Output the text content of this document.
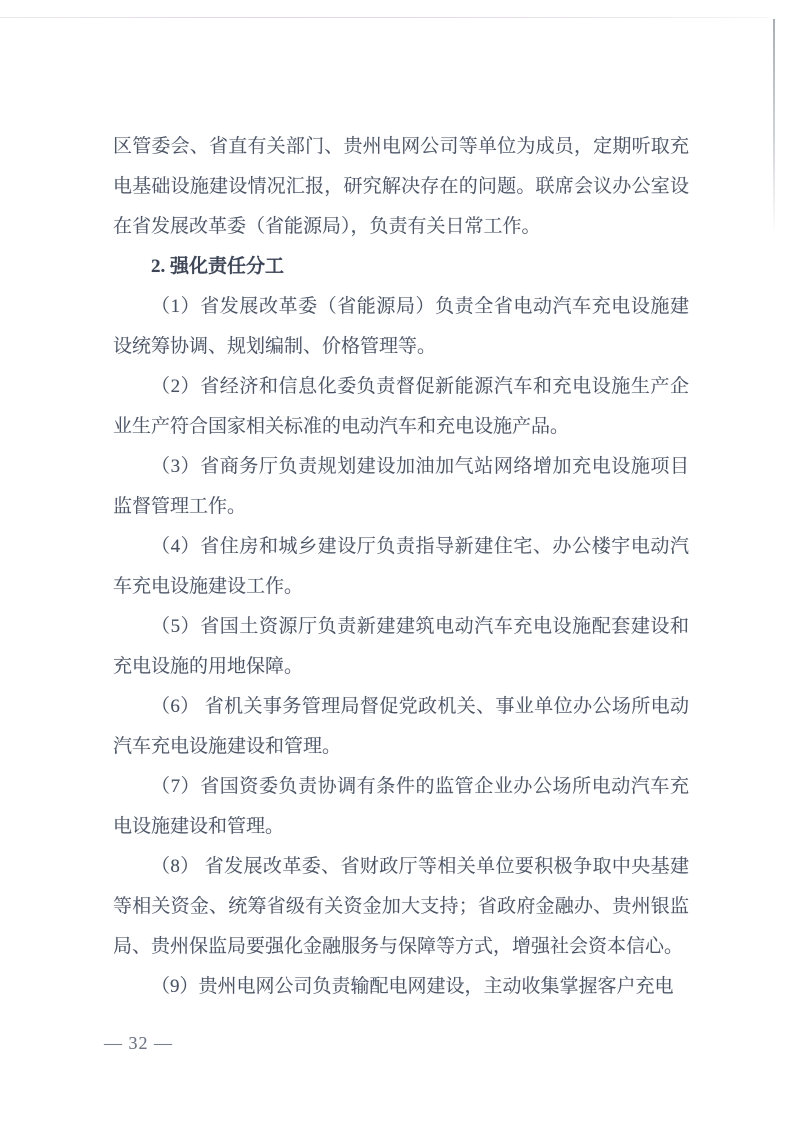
区管委会、省直有关部门、贵州电网公司等单位为成员，定期听取充电基础设施建设情况汇报，研究解决存在的问题。联席会议办公室设在省发展改革委（省能源局），负责有关日常工作。

2. 强化责任分工

（1）省发展改革委（省能源局）负责全省电动汽车充电设施建设统筹协调、规划编制、价格管理等。

（2）省经济和信息化委负责督促新能源汽车和充电设施生产企业生产符合国家相关标准的电动汽车和充电设施产品。

（3）省商务厅负责规划建设加油加气站网络增加充电设施项目监督管理工作。

（4）省住房和城乡建设厅负责指导新建住宅、办公楼宇电动汽车充电设施建设工作。

（5）省国土资源厅负责新建建筑电动汽车充电设施配套建设和充电设施的用地保障。

（6） 省机关事务管理局督促党政机关、事业单位办公场所电动汽车充电设施建设和管理。

（7）省国资委负责协调有条件的监管企业办公场所电动汽车充电设施建设和管理。

（8） 省发展改革委、省财政厅等相关单位要积极争取中央基建等相关资金、统筹省级有关资金加大支持；省政府金融办、贵州银监局、贵州保监局要强化金融服务与保障等方式，增强社会资本信心。

（9）贵州电网公司负责输配电网建设，主动收集掌握客户充电

— 32 —
